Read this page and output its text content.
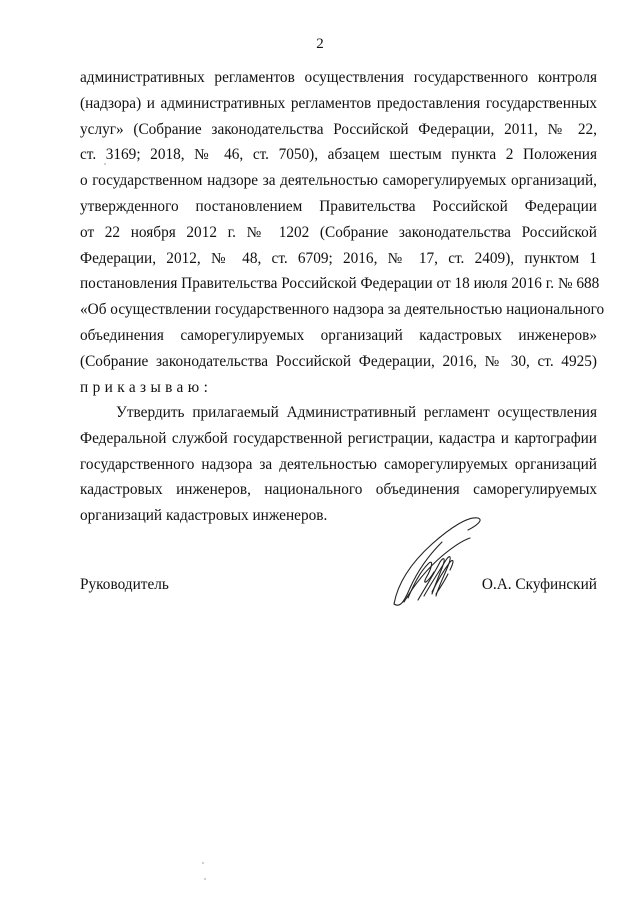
2
административных регламентов осуществления государственного контроля
(надзора) и административных регламентов предоставления государственных
услуг» (Собрание законодательства Российской Федерации, 2011, № 22,
ст. 3169; 2018, № 46, ст. 7050), абзацем шестым пункта 2 Положения
о государственном надзоре за деятельностью саморегулируемых организаций,
утвержденного постановлением Правительства Российской Федерации
от 22 ноября 2012 г. № 1202 (Собрание законодательства Российской
Федерации, 2012, № 48, ст. 6709; 2016, № 17, ст. 2409), пунктом 1
постановления Правительства Российской Федерации от 18 июля 2016 г. № 688
«Об осуществлении государственного надзора за деятельностью национального
объединения саморегулируемых организаций кадастровых инженеров»
(Собрание законодательства Российской Федерации, 2016, № 30, ст. 4925)
приказываю:
Утвердить прилагаемый Административный регламент осуществления
Федеральной службой государственной регистрации, кадастра и картографии
государственного надзора за деятельностью саморегулируемых организаций
кадастровых инженеров, национального объединения саморегулируемых
организаций кадастровых инженеров.
Руководитель	О.А. Скуфинский
